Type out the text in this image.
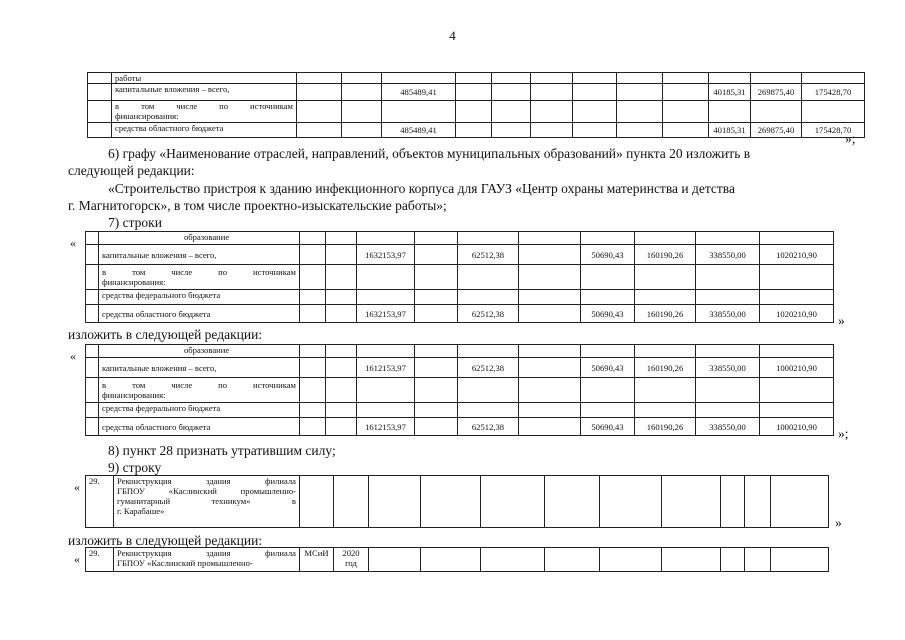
4
	работы												
	капитальные вложения – всего,			485489,41							40185,31	269875,40	175428,70

	в том числе по источникам
финансирования:												

	средства областного бюджета			485489,41							40185,31	269875,40	175428,70
»;
6) графу «Наименование отраслей, направлений, объектов муниципальных образований» пункта 20 изложить в
следующей редакции:
«Строительство пристроя к зданию инфекционного корпуса для ГАУЗ «Центр охраны материнства и детства
г. Магнитогорск», в том числе проектно-изыскательские работы»;
7) строки
«
		образование										
	капитальные вложения – всего,			1632153,97		62512,38		50690,43	160190,26	338550,00	1020210,90

	в том числе по источникам
финансирования:										

	средства федерального бюджета										
	средства областного бюджета			1632153,97		62512,38		50690,43	160190,26	338550,00	1020210,90 »
изложить в следующей редакции:
«
		образование										
	капитальные вложения – всего,			1612153,97		62512,38		50690,43	160190,26	338550,00	1000210,90

	в том числе по источникам
финансирования:										

	средства федерального бюджета										
	средства областного бюджета			1612153,97		62512,38		50690,43	160190,26	338550,00	1000210,90 »;
8) пункт 28 признать утратившим силу;
9) строку
« 29.	Реконструкция здания филиала
ГБПОУ «Каслинский промышленно-
гуманитарный техникум» в
г. Карабаше»

»
изложить в следующей редакции:
« 29.	Реконструкция здания филиала
ГБПОУ «Каслинский промышленно-
	МСиИ	2020
год
